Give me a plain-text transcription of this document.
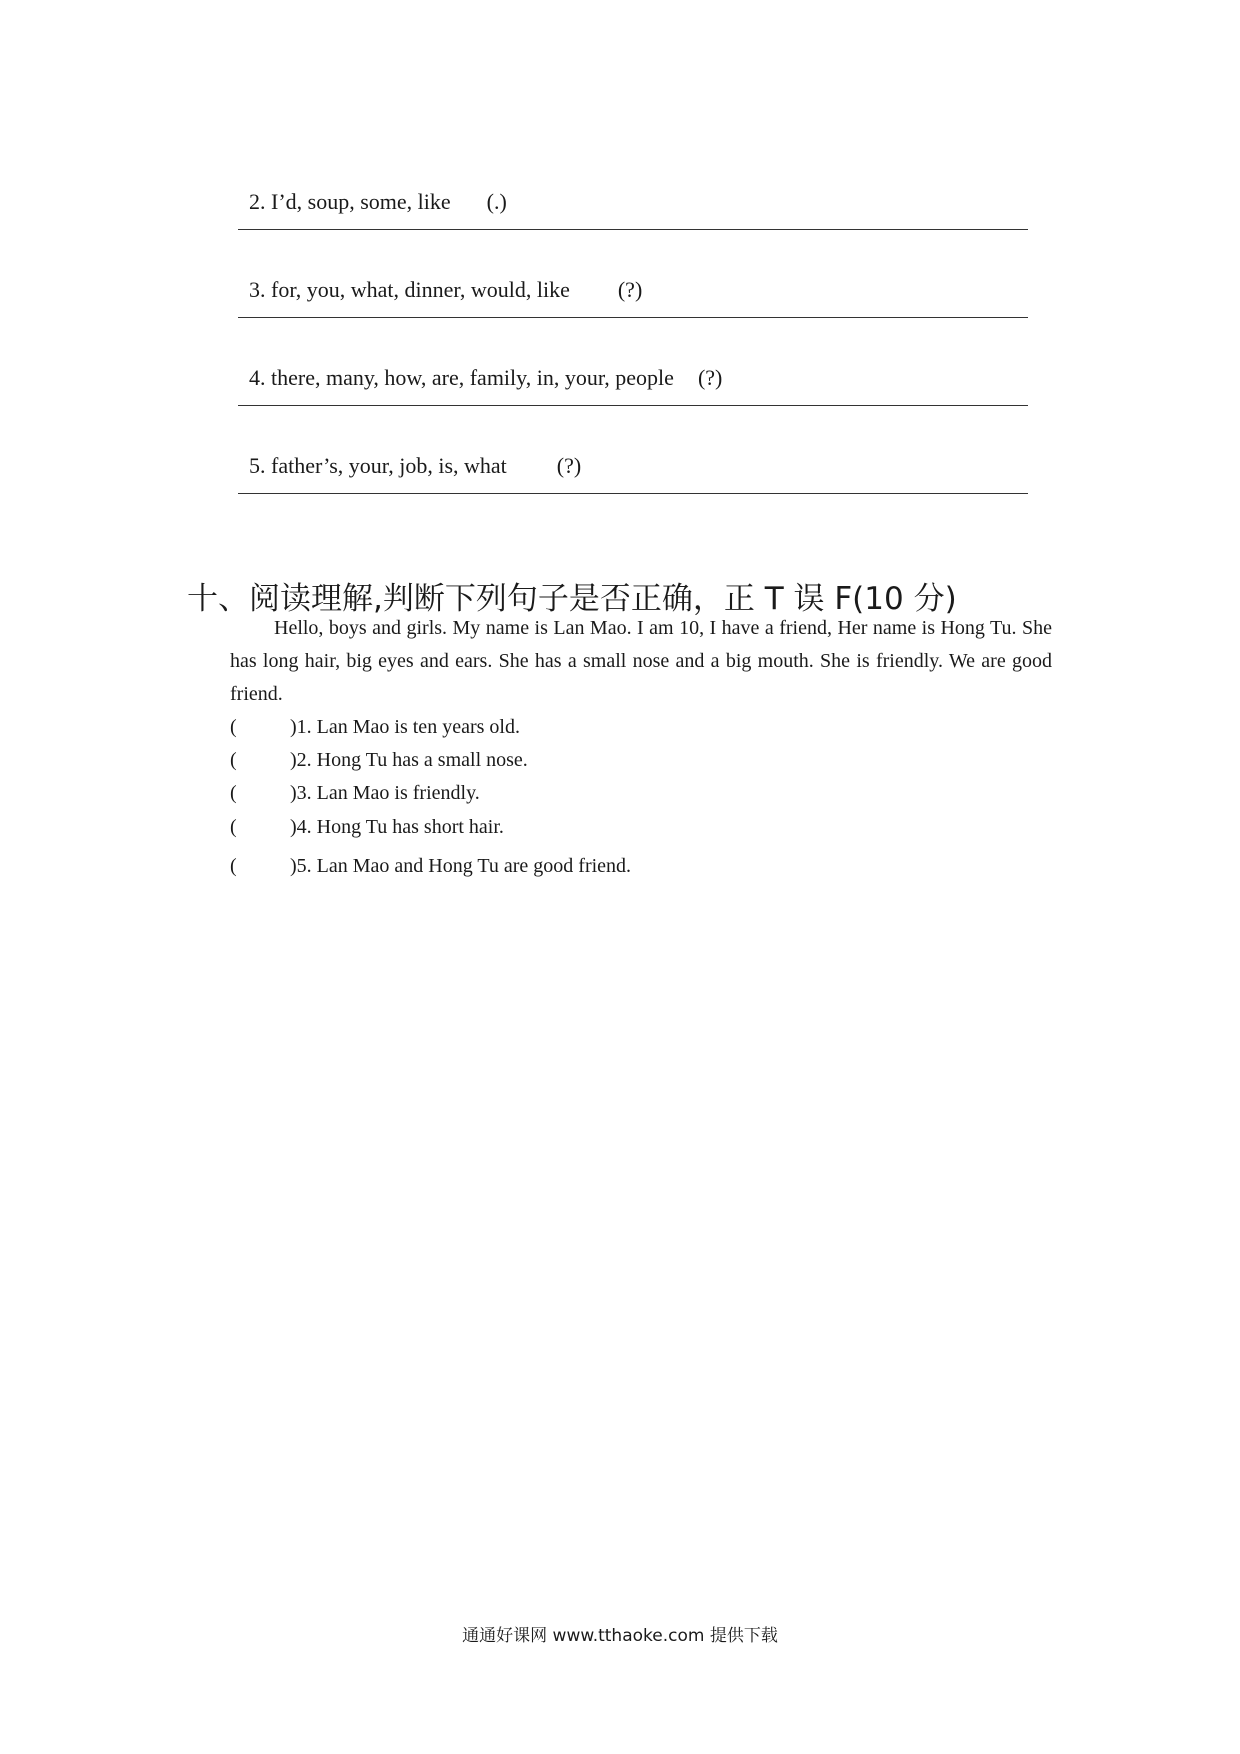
2. I’d, soup, some, like (.)

3. for, you, what, dinner, would, like (?)

4. there, many, how, are, family, in, your, people (?)

5. father’s, your, job, is, what (?)

十、阅读理解,判断下列句子是否正确，正 T 误 F(10 分)
Hello, boys and girls. My name is Lan Mao. I am 10, I have a friend, Her name is Hong Tu. She has long hair, big eyes and ears. She has a small nose and a big mouth. She is friendly. We are good friend.
(	)1. Lan Mao is ten years old.
(	)2. Hong Tu has a small nose.
(	)3. Lan Mao is friendly.
(	)4. Hong Tu has short hair.
(	)5. Lan Mao and Hong Tu are good friend.
通通好课网 www.tthaoke.com 提供下载
